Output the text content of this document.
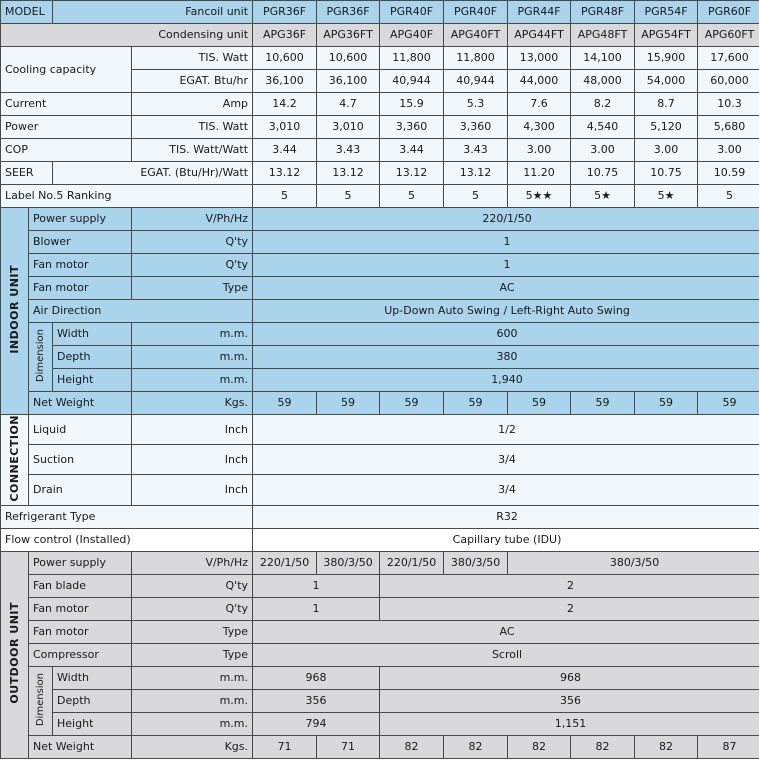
MODEL		Fancoil unit		PGR36F	PGR36F	PGR40F	PGR40F	PGR44F	PGR48F	PGR54F	PGR60F
Condensing unit				APG36F	APG36FT	APG40F	APG40FT	APG44FT	APG48FT	APG54FT	APG60FT
Cooling capacity			TIS. Watt	10,600	10,600	11,800	11,800	13,000	14,100	15,900	17,600
			EGAT. Btu/hr	36,100	36,100	40,944	40,944	44,000	48,000	54,000	60,000
Current			Amp	14.2	4.7	15.9	5.3	7.6	8.2	8.7	10.3
Power			TIS. Watt	3,010	3,010	3,360	3,360	4,300	4,540	5,120	5,680
COP			TIS. Watt/Watt	3.44	3.43	3.44	3.43	3.00	3.00	3.00	3.00
SEER		EGAT. (Btu/Hr)/Watt		13.12	13.12	13.12	13.12	11.20	10.75	10.75	10.59
Label No.5 Ranking				5	5	5	5	5★★	5★	5★	5
INDOOR UNIT	Power supply		V/Ph/Hz	220/1/50							
	Blower		Q'ty	1							
	Fan motor		Q'ty	1							
	Fan motor		Type	AC							
	Air Direction			Up-Down Auto Swing / Left-Right Auto Swing							
	Dimension	Width	m.m.	600							
		Depth	m.m.	380							
		Height	m.m.	1,940							
	Net Weight		Kgs.	59	59	59	59	59	59	59	59
CONNECTION	Liquid		Inch	1/2							
	Suction		Inch	3/4							
	Drain		Inch	3/4							
Refrigerant Type				R32							
Flow control (Installed)				Capillary tube (IDU)							
OUTDOOR UNIT	Power supply		V/Ph/Hz	220/1/50	380/3/50	220/1/50	380/3/50	380/3/50			
	Fan blade		Q'ty	1		2					
	Fan motor		Q'ty	1		2					
	Fan motor		Type	AC							
	Compressor		Type	Scroll							
	Dimension	Width	m.m.	968		968					
		Depth	m.m.	356		356					
		Height	m.m.	794		1,151					
	Net Weight		Kgs.	71	71	82	82	82	82	82	87
